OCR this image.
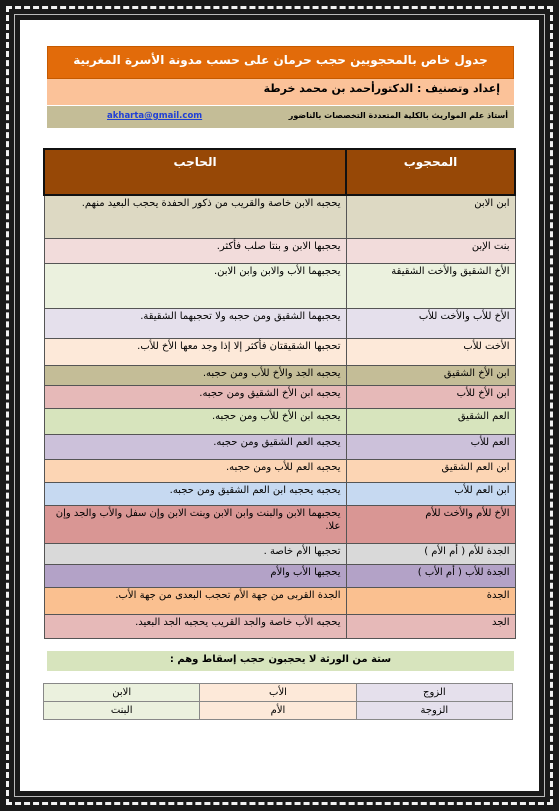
جدول خاص بالمحجوبين حجب حرمان على حسب مدونة الأسرة المغربية
إعداد وتصنيف : الدكتورأحمد بن محمد خرطة
أستاذ علم المواريث بالكلية المتعددة التخصصات بالناضور
akharta@gmail.com
المحجوب	الحاجب
ابن الابن	يحجبه الابن خاصة والقريب من ذكور الحفدة يحجب البعيد منهم.
بنت الإبن	يحجبها الابن و بنتا صلب فأكثر.
الأخ الشقيق والأخت الشقيقة	يحجبهما الأب والابن وابن الابن.
الأخ للأب والأخت للأب	يحجبهما الشقيق ومن حجبه ولا تحجبهما الشقيقة.
الأخت للأب	تحجبها الشقيقتان فأكثر إلا إذا وجد معها الأخ للأب.
ابن الأخ الشقيق	يحجبه الجد والأخ للأب ومن حجبه.
ابن الأخ للأب	يحجبه ابن الأخ الشقيق ومن حجبه.
العم الشقيق	يحجبه ابن الأخ للأب ومن حجبه.
العم للأب	يحجبه العم الشقيق ومن حجبه.
ابن العم الشقيق	يحجبه العم للأب ومن حجبه.
ابن العم للأب	يحجبه يحجبه ابن العم الشقيق ومن حجبه.
الأخ للأم والأخت للأم	يحجبهما الابن والبنت وابن الابن وبنت الابن وإن سفل والأب والجد وإن علا.
الجدة للأم ( أم الأم )	تحجبها الأم خاصة .
الجدة للأب ( أم الأب )	يحجبها الأب والأم
الجدة	الجدة القربى من جهة الأم تحجب البعدى من جهة الأب.
الجد	يحجبه الأب خاصة والجد القريب يحجبه الجد البعيد.
ستة من الورثة لا يحجبون حجب إسقاط وهم :
الزوج	الأب	الابن
الزوجة	الأم	البنت
